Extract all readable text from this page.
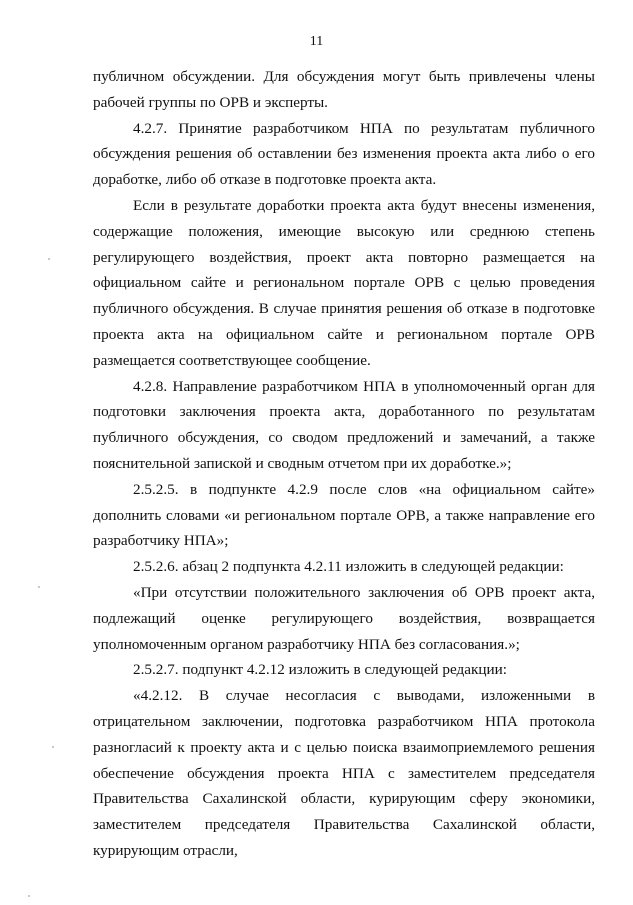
11

публичном обсуждении. Для обсуждения могут быть привлечены члены рабочей группы по ОРВ и эксперты.

4.2.7. Принятие разработчиком НПА по результатам публичного обсуждения решения об оставлении без изменения проекта акта либо о его доработке, либо об отказе в подготовке проекта акта.

Если в результате доработки проекта акта будут внесены изменения, содержащие положения, имеющие высокую или среднюю степень регулирующего воздействия, проект акта повторно размещается на официальном сайте и региональном портале ОРВ с целью проведения публичного обсуждения. В случае принятия решения об отказе в подготовке проекта акта на официальном сайте и региональном портале ОРВ размещается соответствующее сообщение.

4.2.8. Направление разработчиком НПА в уполномоченный орган для подготовки заключения проекта акта, доработанного по результатам публичного обсуждения, со сводом предложений и замечаний, а также пояснительной запиской и сводным отчетом при их доработке.»;

2.5.2.5. в подпункте 4.2.9 после слов «на официальном сайте» дополнить словами «и региональном портале ОРВ, а также направление его разработчику НПА»;

2.5.2.6. абзац 2 подпункта 4.2.11 изложить в следующей редакции:

«При отсутствии положительного заключения об ОРВ проект акта, подлежащий оценке регулирующего воздействия, возвращается уполномоченным органом разработчику НПА без согласования.»;

2.5.2.7. подпункт 4.2.12 изложить в следующей редакции:

«4.2.12. В случае несогласия с выводами, изложенными в отрицательном заключении, подготовка разработчиком НПА протокола разногласий к проекту акта и с целью поиска взаимоприемлемого решения обеспечение обсуждения проекта НПА с заместителем председателя Правительства Сахалинской области, курирующим сферу экономики, заместителем председателя Правительства Сахалинской области, курирующим отрасли,
